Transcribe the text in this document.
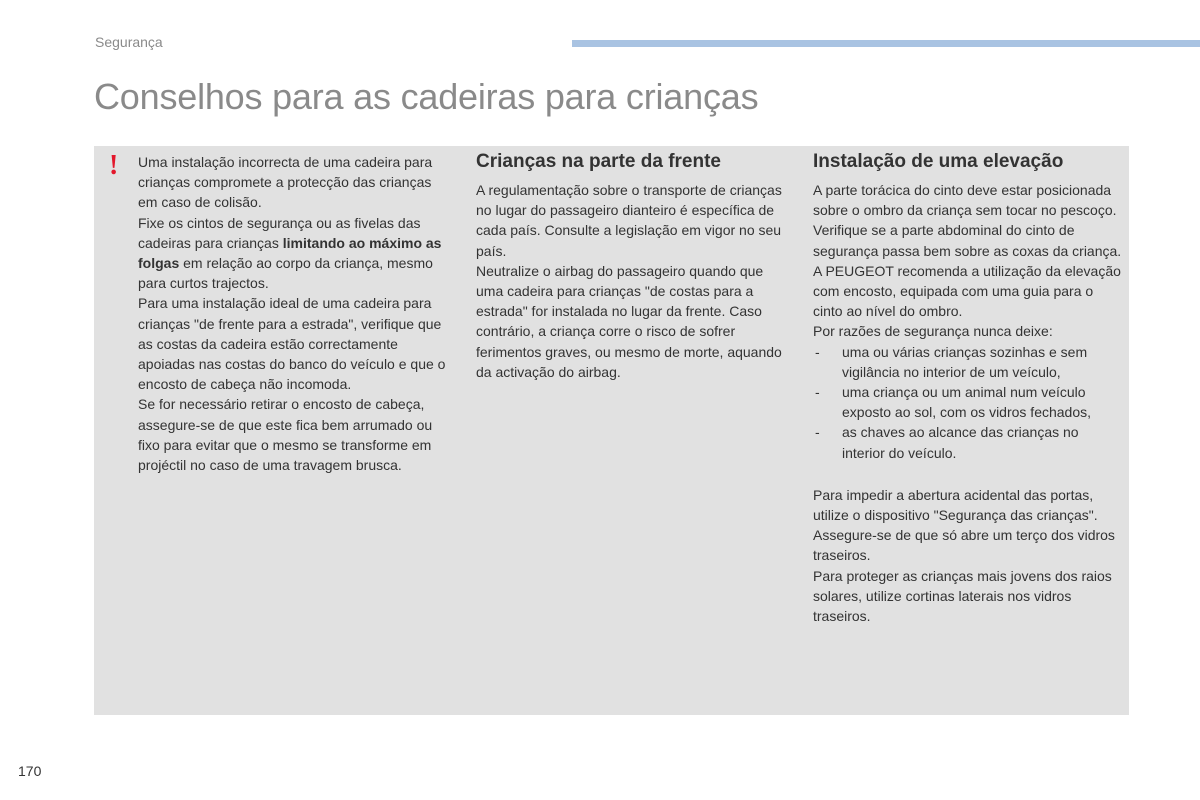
Segurança
Conselhos para as cadeiras para crianças
! Uma instalação incorrecta de uma cadeira para crianças compromete a protecção das crianças em caso de colisão.

Fixe os cintos de segurança ou as fivelas das cadeiras para crianças limitando ao máximo as folgas em relação ao corpo da criança, mesmo para curtos trajectos.

Para uma instalação ideal de uma cadeira para crianças "de frente para a estrada", verifique que as costas da cadeira estão correctamente apoiadas nas costas do banco do veículo e que o encosto de cabeça não incomoda.

Se for necessário retirar o encosto de cabeça, assegure-se de que este fica bem arrumado ou fixo para evitar que o mesmo se transforme em projéctil no caso de uma travagem brusca.

Crianças na parte da frente

A regulamentação sobre o transporte de crianças no lugar do passageiro dianteiro é específica de cada país. Consulte a legislação em vigor no seu país.

Neutralize o airbag do passageiro quando que uma cadeira para crianças "de costas para a estrada" for instalada no lugar da frente. Caso contrário, a criança corre o risco de sofrer ferimentos graves, ou mesmo de morte, aquando da activação do airbag.

Instalação de uma elevação

A parte torácica do cinto deve estar posicionada sobre o ombro da criança sem tocar no pescoço.

Verifique se a parte abdominal do cinto de segurança passa bem sobre as coxas da criança.

A PEUGEOT recomenda a utilização da elevação com encosto, equipada com uma guia para o cinto ao nível do ombro.

Por razões de segurança nunca deixe:

- uma ou várias crianças sozinhas e sem vigilância no interior de um veículo,
- uma criança ou um animal num veículo exposto ao sol, com os vidros fechados,
- as chaves ao alcance das crianças no interior do veículo.

Para impedir a abertura acidental das portas, utilize o dispositivo "Segurança das crianças".

Assegure-se de que só abre um terço dos vidros traseiros.

Para proteger as crianças mais jovens dos raios solares, utilize cortinas laterais nos vidros traseiros.

170
